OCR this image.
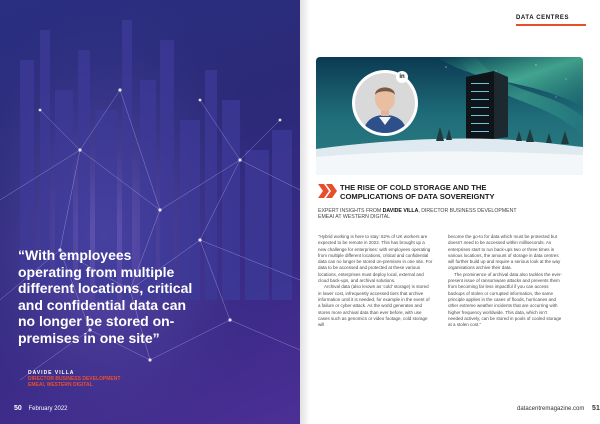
“With employees operating from multiple different locations, critical and confidential data can no longer be stored on-premises in one site”
DAVIDE VILLA
DIRECTOR BUSINESS DEVELOPMENT
EMEAI, WESTERN DIGITAL
50 February 2022
DATA CENTRES
in
THE RISE OF COLD STORAGE AND THE
COMPLICATIONS OF DATA SOVEREIGNTY
EXPERT INSIGHTS FROM DAVIDE VILLA, DIRECTOR BUSINESS DEVELOPMENT
EMEAI AT WESTERN DIGITAL

“Hybrid working is here to stay: 52% of UK workers are expected to be remote in 2022. This has brought up a new challenge for enterprises: with employees operating from multiple different locations, critical and confidential data can no longer be stored on-premises in one site. For data to be accessed and protected at these various locations, enterprises must deploy local, external and cloud back-ups, and archival solutions.

Archival data (also known as ‘cold’ storage) is stored in lower cost, infrequently accessed tiers that archive information until it is needed, for example in the event of a failure or cyber-attack. As the world generates and stores more archival data than ever before, with use cases such as genomics or video footage, cold storage will

become the go-to for data which must be protected but doesn't need to be accessed within milliseconds. As enterprises start to run back-ups two or three times in various locations, the amount of storage in data centres will further build up and require a serious look at the way organisations archive their data.

The prominence of archival data also tackles the ever-present issue of ransomware attacks and prevents them from becoming far less impactful if you can access backups of stolen or corrupted information, the same principle applies in the cases of floods, hurricanes and other extreme weather incidents that are occurring with higher frequency worldwide. This data, which isn't needed actively, can be stored in pools of cooled storage at a stolen cost.”

datacentremagazine.com 51
